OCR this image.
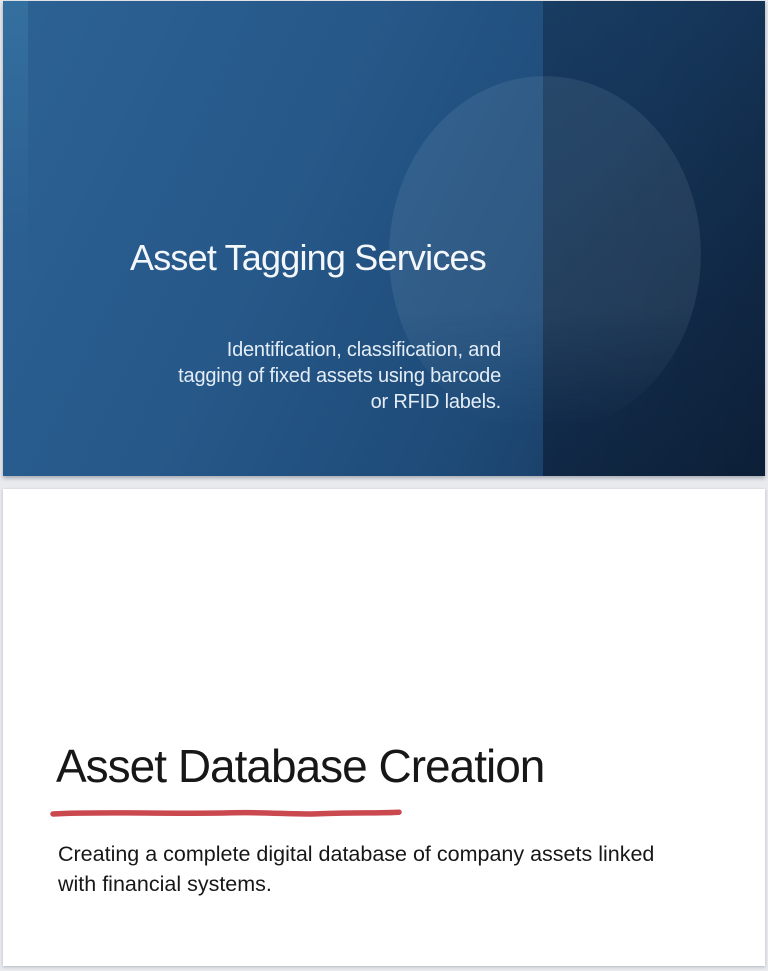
Asset Tagging Services
Identification, classification, and
tagging of fixed assets using barcode
or RFID labels.
Asset Database Creation

Creating a complete digital database of company assets linked
with financial systems.
